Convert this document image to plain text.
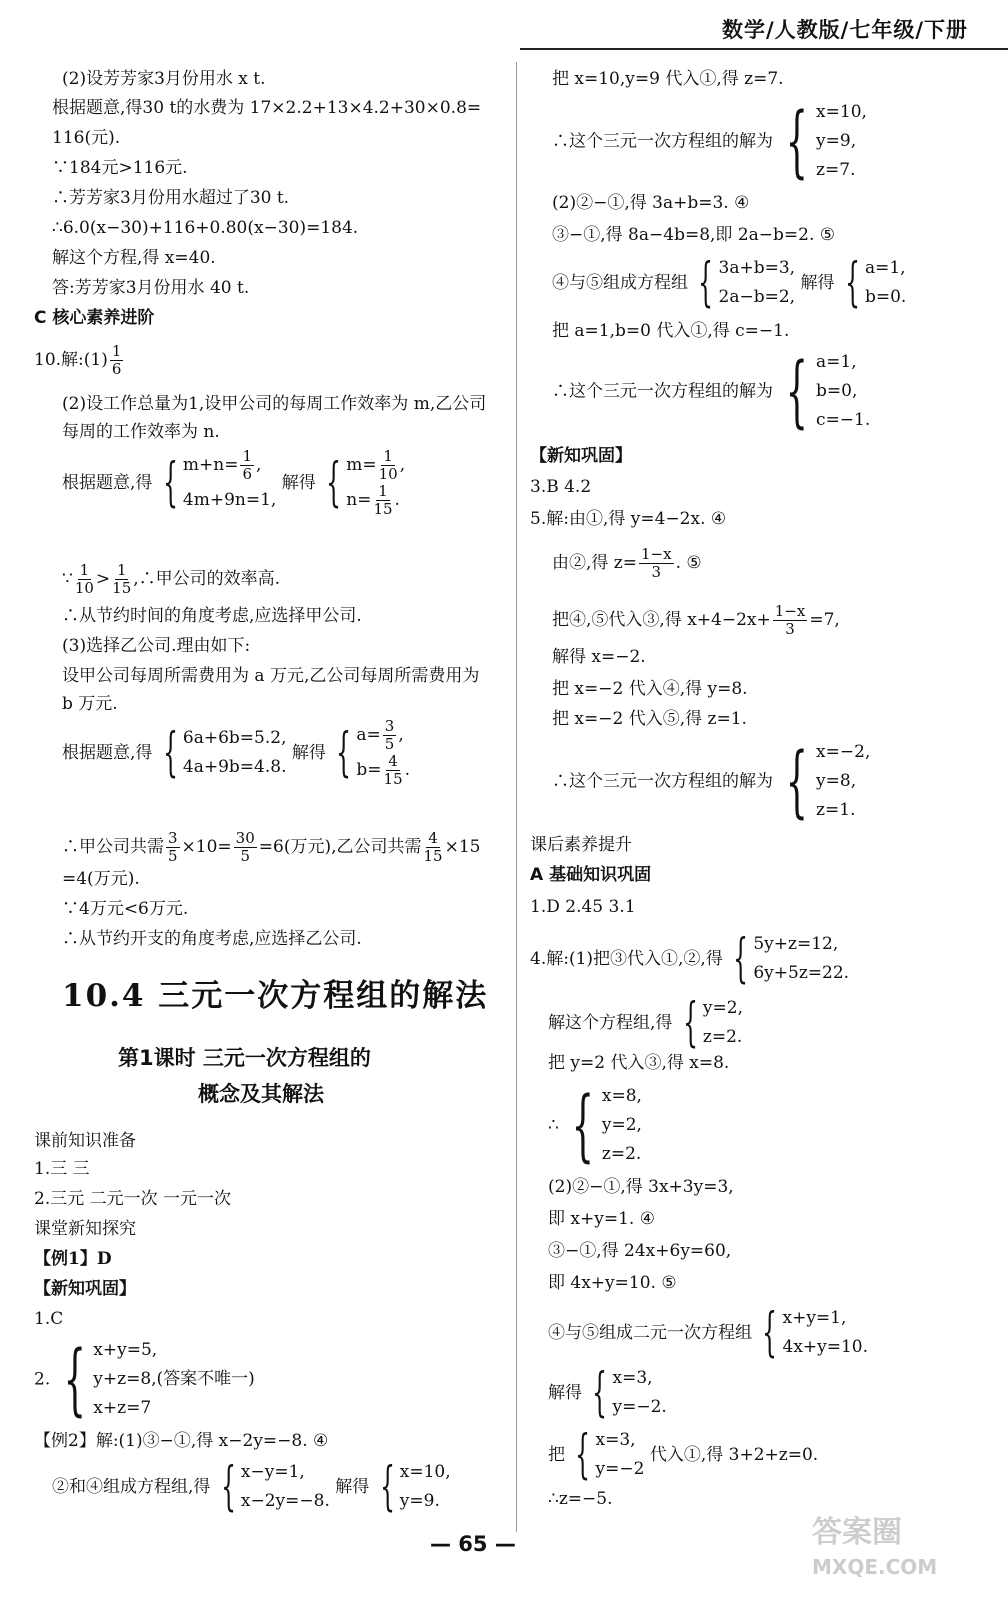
数学/人教版/七年级/下册
(2)设芳芳家3月份用水 x t.
根据题意,得30 t的水费为 17×2.2+13×4.2+30×0.8=
116(元).
∵184元>116元.
∴芳芳家3月份用水超过了30 t.
∴6.0(x−30)+116+0.80(x−30)=184.
解这个方程,得 x=40.
答:芳芳家3月份用水 40 t.
C 核心素养进阶
10.解:(1) $\frac{1}{6}$
(2)设工作总量为1,设甲公司的每周工作效率为 m,乙公司
每周的工作效率为 n.
根据题意,得 { $m+n= \frac{1}{6}$ ,
4m+9n=1,
解得 { $m= \frac{1}{10}$ ,
$n= \frac{1}{15}$ .
∵ $\frac{1}{10} > \frac{1}{15}$ ,∴甲公司的效率高.
∴从节约时间的角度考虑,应选择甲公司.
(3)选择乙公司.理由如下:
设甲公司每周所需费用为 a 万元,乙公司每周所需费用为
b 万元.
根据题意,得 { 6a+6b=5.2,
4a+9b=4.8.
解得 { $a= \frac{3}{5}$ ,
$b= \frac{4}{15}$ .
∴甲公司共需 $\frac{3}{5} \times 10= \frac{30}{5} =6$(万元),乙公司共需 $\frac{4}{15} \times 15$
=4(万元).
∵4万元<6万元.
∴从节约开支的角度考虑,应选择乙公司.
10.4 三元一次方程组的解法
第1课时 三元一次方程组的
概念及其解法
课前知识准备
1.三 三
2.三元 二元一次 一元一次
课堂新知探究
【例1】D
【新知巩固】
1.C
2. { x+y=5,
y+z=8,(答案不唯一)
x+z=7
【例2】解:(1)③−①,得 x−2y=−8. ④
②和④组成方程组,得 { x−y=1,
x−2y=−8.
解得 { x=10,
y=9.
把 x=10,y=9 代入①,得 z=7.
∴这个三元一次方程组的解为 { x=10,
y=9,
z=7.
(2)②−①,得 3a+b=3. ④
③−①,得 8a−4b=8,即 2a−b=2. ⑤
④与⑤组成方程组 { 3a+b=3,
2a−b=2,
解得 { a=1,
b=0.
把 a=1,b=0 代入①,得 c=−1.
∴这个三元一次方程组的解为 { a=1,
b=0,
c=−1.
【新知巩固】
3.B 4.2
5.解:由①,得 y=4−2x. ④
由②,得 $z= \frac{1-x}{3}$ . ⑤
把④,⑤代入③,得 $x+4-2x+ \frac{1-x}{3} =7$,
解得 x=−2.
把 x=−2 代入④,得 y=8.
把 x=−2 代入⑤,得 z=1.
∴这个三元一次方程组的解为 { x=−2,
y=8,
z=1.
课后素养提升
A 基础知识巩固
1.D 2.45 3.1
4.解:(1)把③代入①,②,得 { 5y+z=12,
6y+5z=22.
解这个方程组,得 { y=2,
z=2.
把 y=2 代入③,得 x=8.
∴ { x=8,
y=2,
z=2.
(2)②−①,得 3x+3y=3,
即 x+y=1. ④
③−①,得 24x+6y=60,
即 4x+y=10. ⑤
④与⑤组成二元一次方程组 { x+y=1,
4x+y=10.
解得 { x=3,
y=−2.
把 { x=3,
y=−2
代入①,得 3+2+z=0.
∴z=−5.
— 65 —	答案圈
MXQE.COM
